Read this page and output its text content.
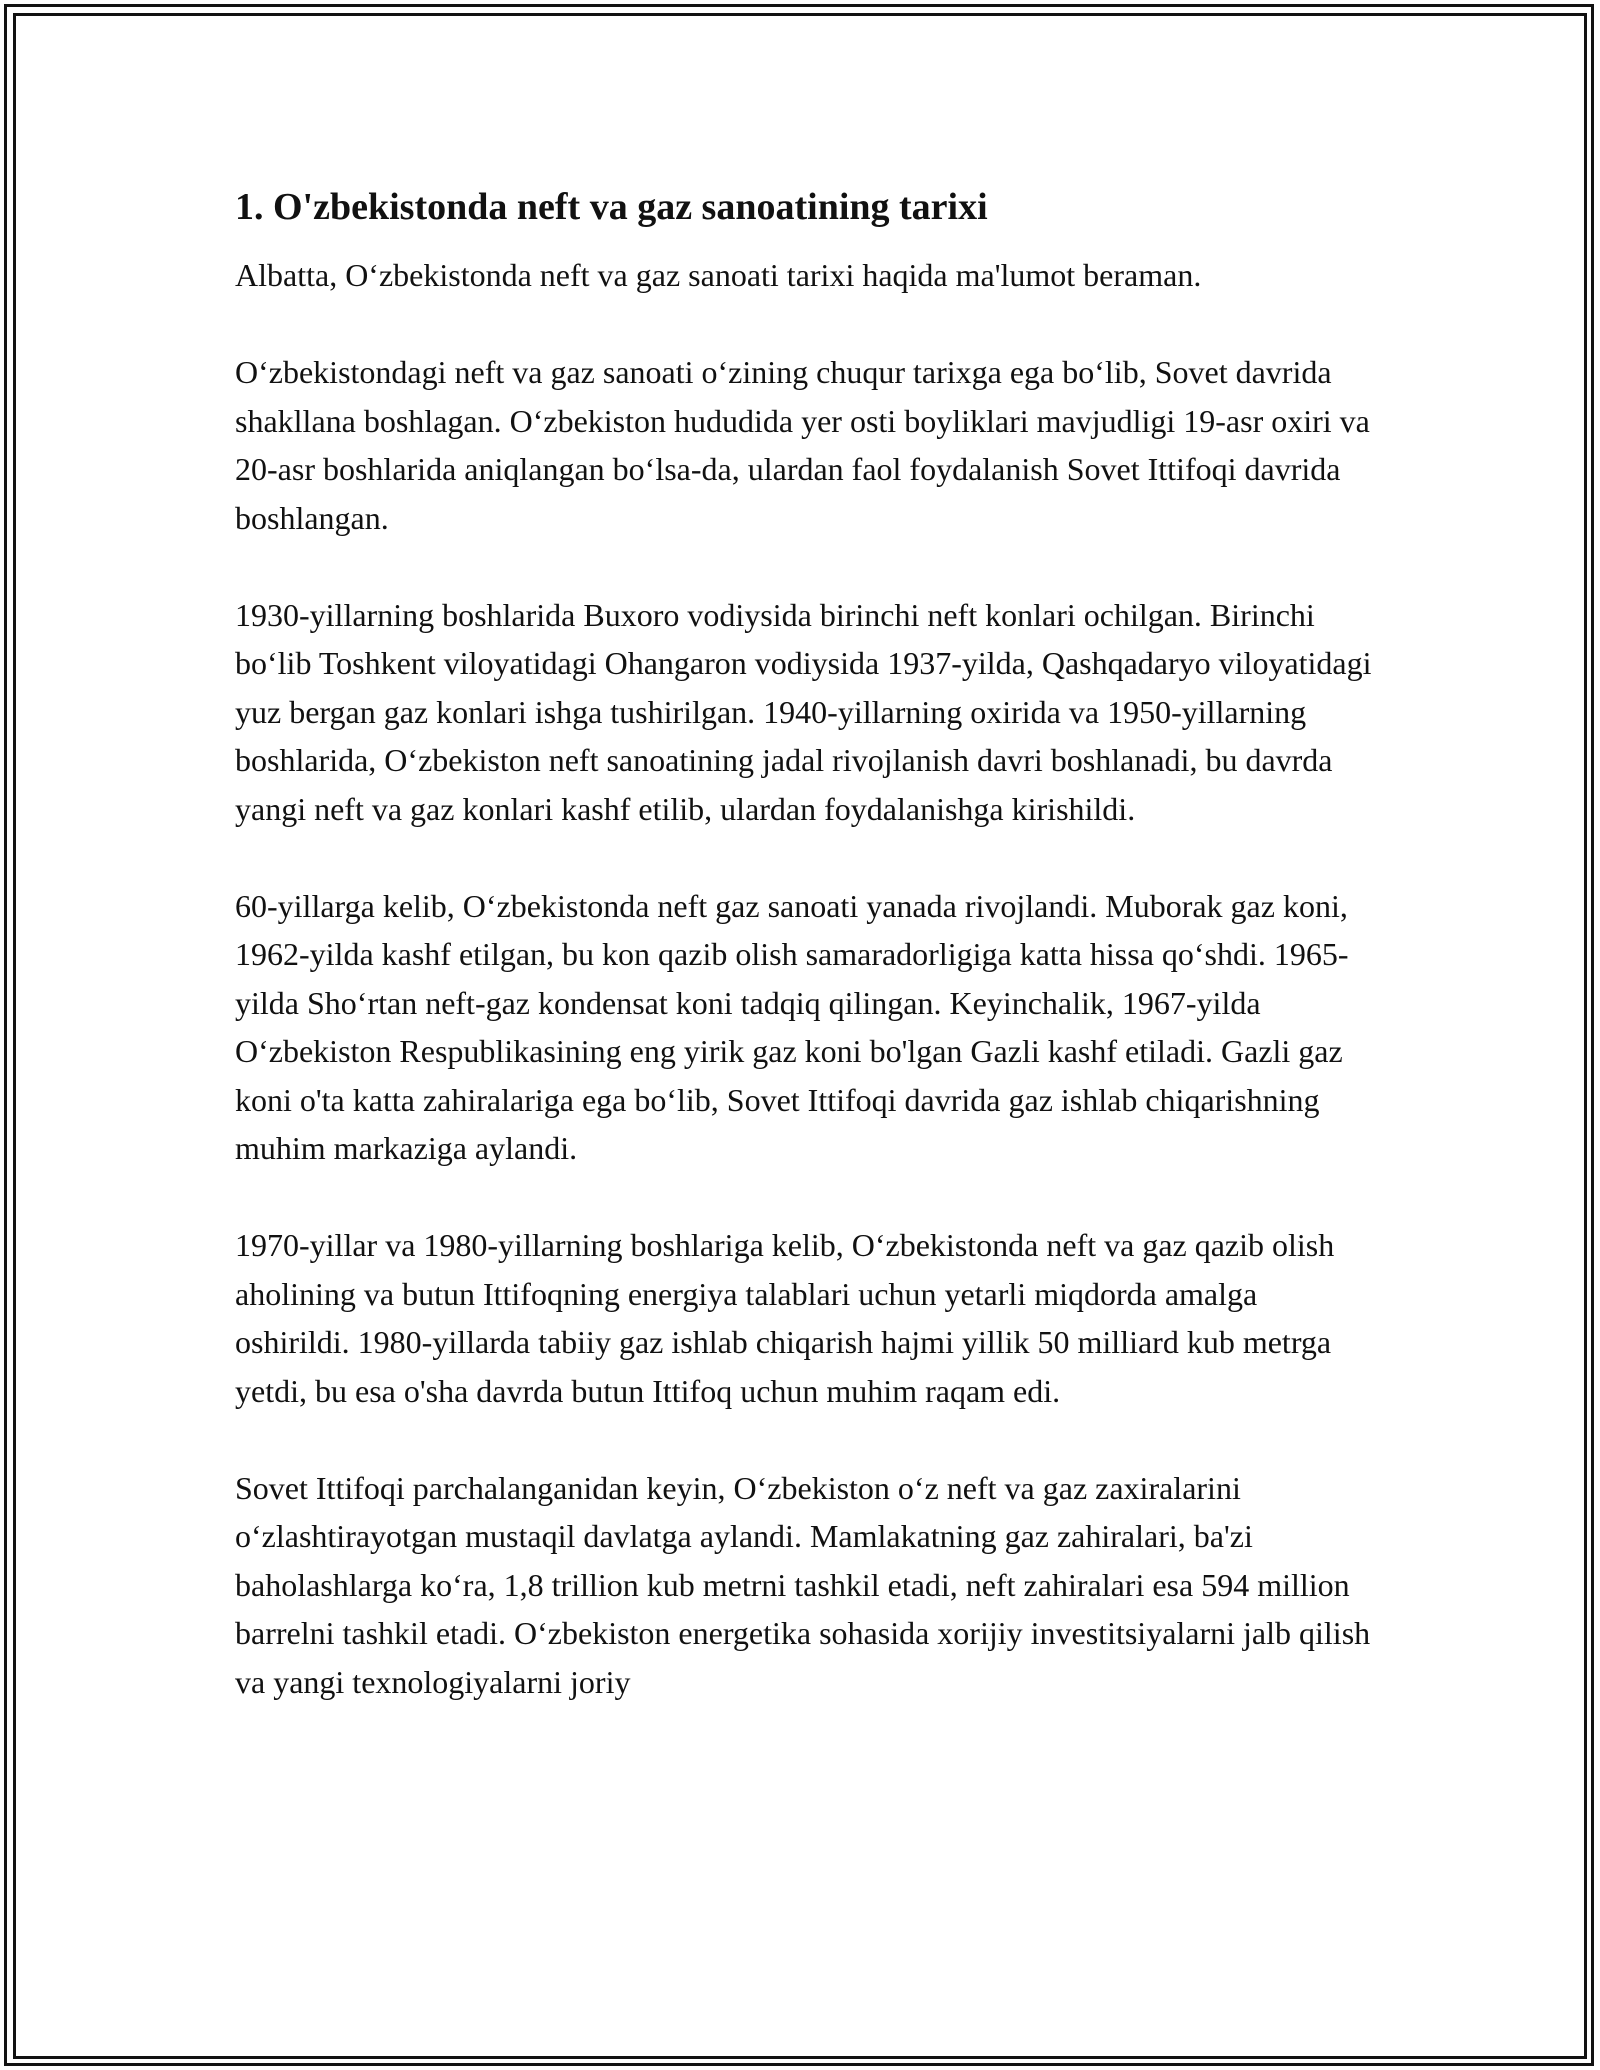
1. O'zbekistonda neft va gaz sanoatining tarixi

Albatta, O‘zbekistonda neft va gaz sanoati tarixi haqida ma'lumot beraman.

O‘zbekistondagi neft va gaz sanoati o‘zining chuqur tarixga ega bo‘lib, Sovet davrida shakllana boshlagan. O‘zbekiston hududida yer osti boyliklari mavjudligi 19-asr oxiri va 20-asr boshlarida aniqlangan bo‘lsa-da, ulardan faol foydalanish Sovet Ittifoqi davrida boshlangan.

1930-yillarning boshlarida Buxoro vodiysida birinchi neft konlari ochilgan. Birinchi bo‘lib Toshkent viloyatidagi Ohangaron vodiysida 1937-yilda, Qashqadaryo viloyatidagi yuz bergan gaz konlari ishga tushirilgan. 1940-yillarning oxirida va 1950-yillarning boshlarida, O‘zbekiston neft sanoatining jadal rivojlanish davri boshlanadi, bu davrda yangi neft va gaz konlari kashf etilib, ulardan foydalanishga kirishildi.

60-yillarga kelib, O‘zbekistonda neft gaz sanoati yanada rivojlandi. Muborak gaz koni, 1962-yilda kashf etilgan, bu kon qazib olish samaradorligiga katta hissa qo‘shdi. 1965-yilda Sho‘rtan neft-gaz kondensat koni tadqiq qilingan. Keyinchalik, 1967-yilda O‘zbekiston Respublikasining eng yirik gaz koni bo'lgan Gazli kashf etiladi. Gazli gaz koni o'ta katta zahiralariga ega bo‘lib, Sovet Ittifoqi davrida gaz ishlab chiqarishning muhim markaziga aylandi.

1970-yillar va 1980-yillarning boshlariga kelib, O‘zbekistonda neft va gaz qazib olish aholining va butun Ittifoqning energiya talablari uchun yetarli miqdorda amalga oshirildi. 1980-yillarda tabiiy gaz ishlab chiqarish hajmi yillik 50 milliard kub metrga yetdi, bu esa o'sha davrda butun Ittifoq uchun muhim raqam edi.

Sovet Ittifoqi parchalanganidan keyin, O‘zbekiston o‘z neft va gaz zaxiralarini o‘zlashtirayotgan mustaqil davlatga aylandi. Mamlakatning gaz zahiralari, ba'zi baholashlarga ko‘ra, 1,8 trillion kub metrni tashkil etadi, neft zahiralari esa 594 million barrelni tashkil etadi. O‘zbekiston energetika sohasida xorijiy investitsiyalarni jalb qilish va yangi texnologiyalarni joriy
